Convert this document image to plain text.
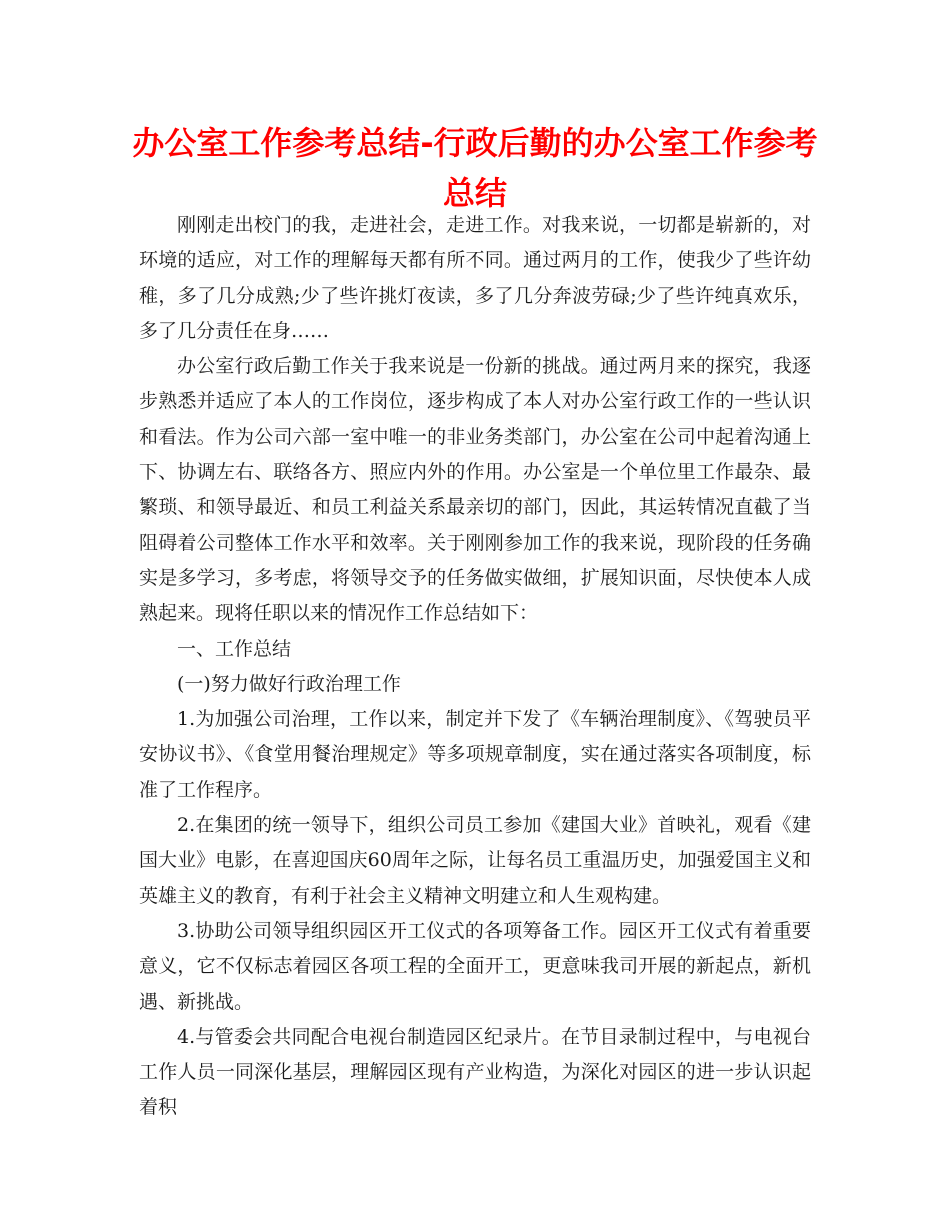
办公室工作参考总结-行政后勤的办公室工作参考总结

刚刚走出校门的我，走进社会，走进工作。对我来说，一切都是崭新的，对环境的适应，对工作的理解每天都有所不同。通过两月的工作，使我少了些许幼稚，多了几分成熟;少了些许挑灯夜读，多了几分奔波劳碌;少了些许纯真欢乐，多了几分责任在身……

办公室行政后勤工作关于我来说是一份新的挑战。通过两月来的探究，我逐步熟悉并适应了本人的工作岗位，逐步构成了本人对办公室行政工作的一些认识和看法。作为公司六部一室中唯一的非业务类部门，办公室在公司中起着沟通上下、协调左右、联络各方、照应内外的作用。办公室是一个单位里工作最杂、最繁琐、和领导最近、和员工利益关系最亲切的部门，因此，其运转情况直截了当阻碍着公司整体工作水平和效率。关于刚刚参加工作的我来说，现阶段的任务确实是多学习，多考虑，将领导交予的任务做实做细，扩展知识面，尽快使本人成熟起来。现将任职以来的情况作工作总结如下：

一、工作总结

(一)努力做好行政治理工作

1.为加强公司治理，工作以来，制定并下发了《车辆治理制度》、《驾驶员平安协议书》、《食堂用餐治理规定》等多项规章制度，实在通过落实各项制度，标准了工作程序。

2.在集团的统一领导下，组织公司员工参加《建国大业》首映礼，观看《建国大业》电影，在喜迎国庆60周年之际，让每名员工重温历史，加强爱国主义和英雄主义的教育，有利于社会主义精神文明建立和人生观构建。

3.协助公司领导组织园区开工仪式的各项筹备工作。园区开工仪式有着重要意义，它不仅标志着园区各项工程的全面开工，更意味我司开展的新起点，新机遇、新挑战。

4.与管委会共同配合电视台制造园区纪录片。在节目录制过程中，与电视台工作人员一同深化基层，理解园区现有产业构造，为深化对园区的进一步认识起着积
